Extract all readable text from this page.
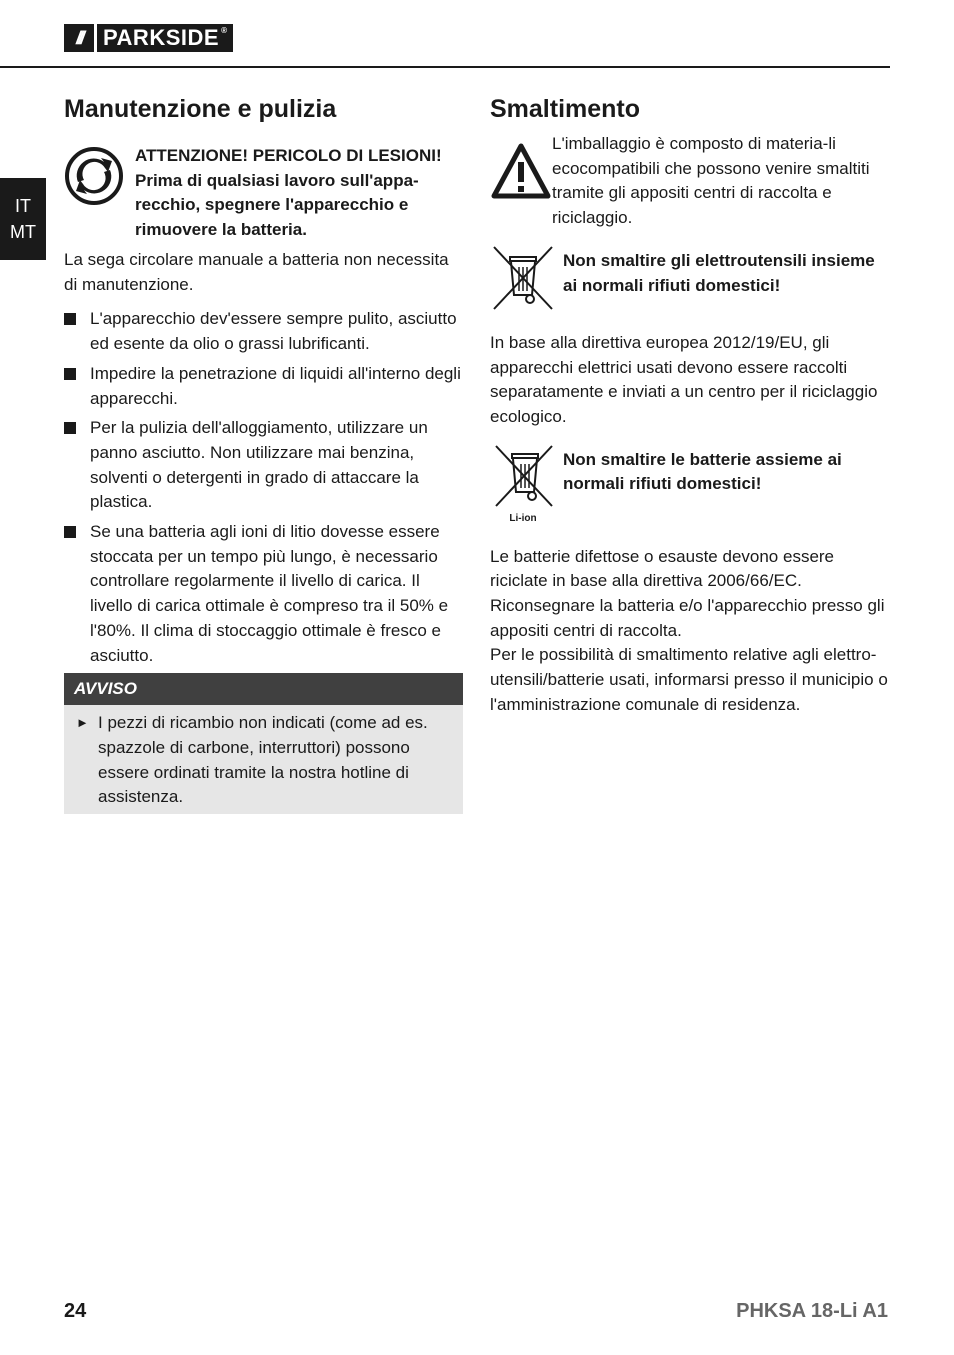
/// PARKSIDE ®
IT
MT
Manutenzione e pulizia
ATTENZIONE! PERICOLO DI LESIONI! Prima di qualsiasi lavoro sull'appa-recchio, spegnere l'apparecchio e rimuovere la batteria.

La sega circolare manuale a batteria non necessita di manutenzione.

L'apparecchio dev'essere sempre pulito, asciutto ed esente da olio o grassi lubrificanti.
Impedire la penetrazione di liquidi all'interno degli apparecchi.
Per la pulizia dell'alloggiamento, utilizzare un panno asciutto. Non utilizzare mai benzina, solventi o detergenti in grado di attaccare la plastica.
Se una batteria agli ioni di litio dovesse essere stoccata per un tempo più lungo, è necessario controllare regolarmente il livello di carica. Il livello di carica ottimale è compreso tra il 50% e l'80%. Il clima di stoccaggio ottimale è fresco e asciutto.
AVVISO
► I pezzi di ricambio non indicati (come ad es. spazzole di carbone, interruttori) possono essere ordinati tramite la nostra hotline di assistenza.

Smaltimento

L'imballaggio è composto di materia-li ecocompatibili che possono venire smaltiti tramite gli appositi centri di raccolta e riciclaggio.

Non smaltire gli elettroutensili insieme ai normali rifiuti domestici!

In base alla direttiva europea 2012/19/EU, gli apparecchi elettrici usati devono essere raccolti separatamente e inviati a un centro per il riciclaggio ecologico.

Li-ion
Non smaltire le batterie assieme ai normali rifiuti domestici!

Le batterie difettose o esauste devono essere riciclate in base alla direttiva 2006/66/EC. Riconsegnare la batteria e/o l'apparecchio presso gli appositi centri di raccolta.

Per le possibilità di smaltimento relative agli elettro-utensili/batterie usati, informarsi presso il municipio o l'amministrazione comunale di residenza.

24	PHKSA 18-Li A1
